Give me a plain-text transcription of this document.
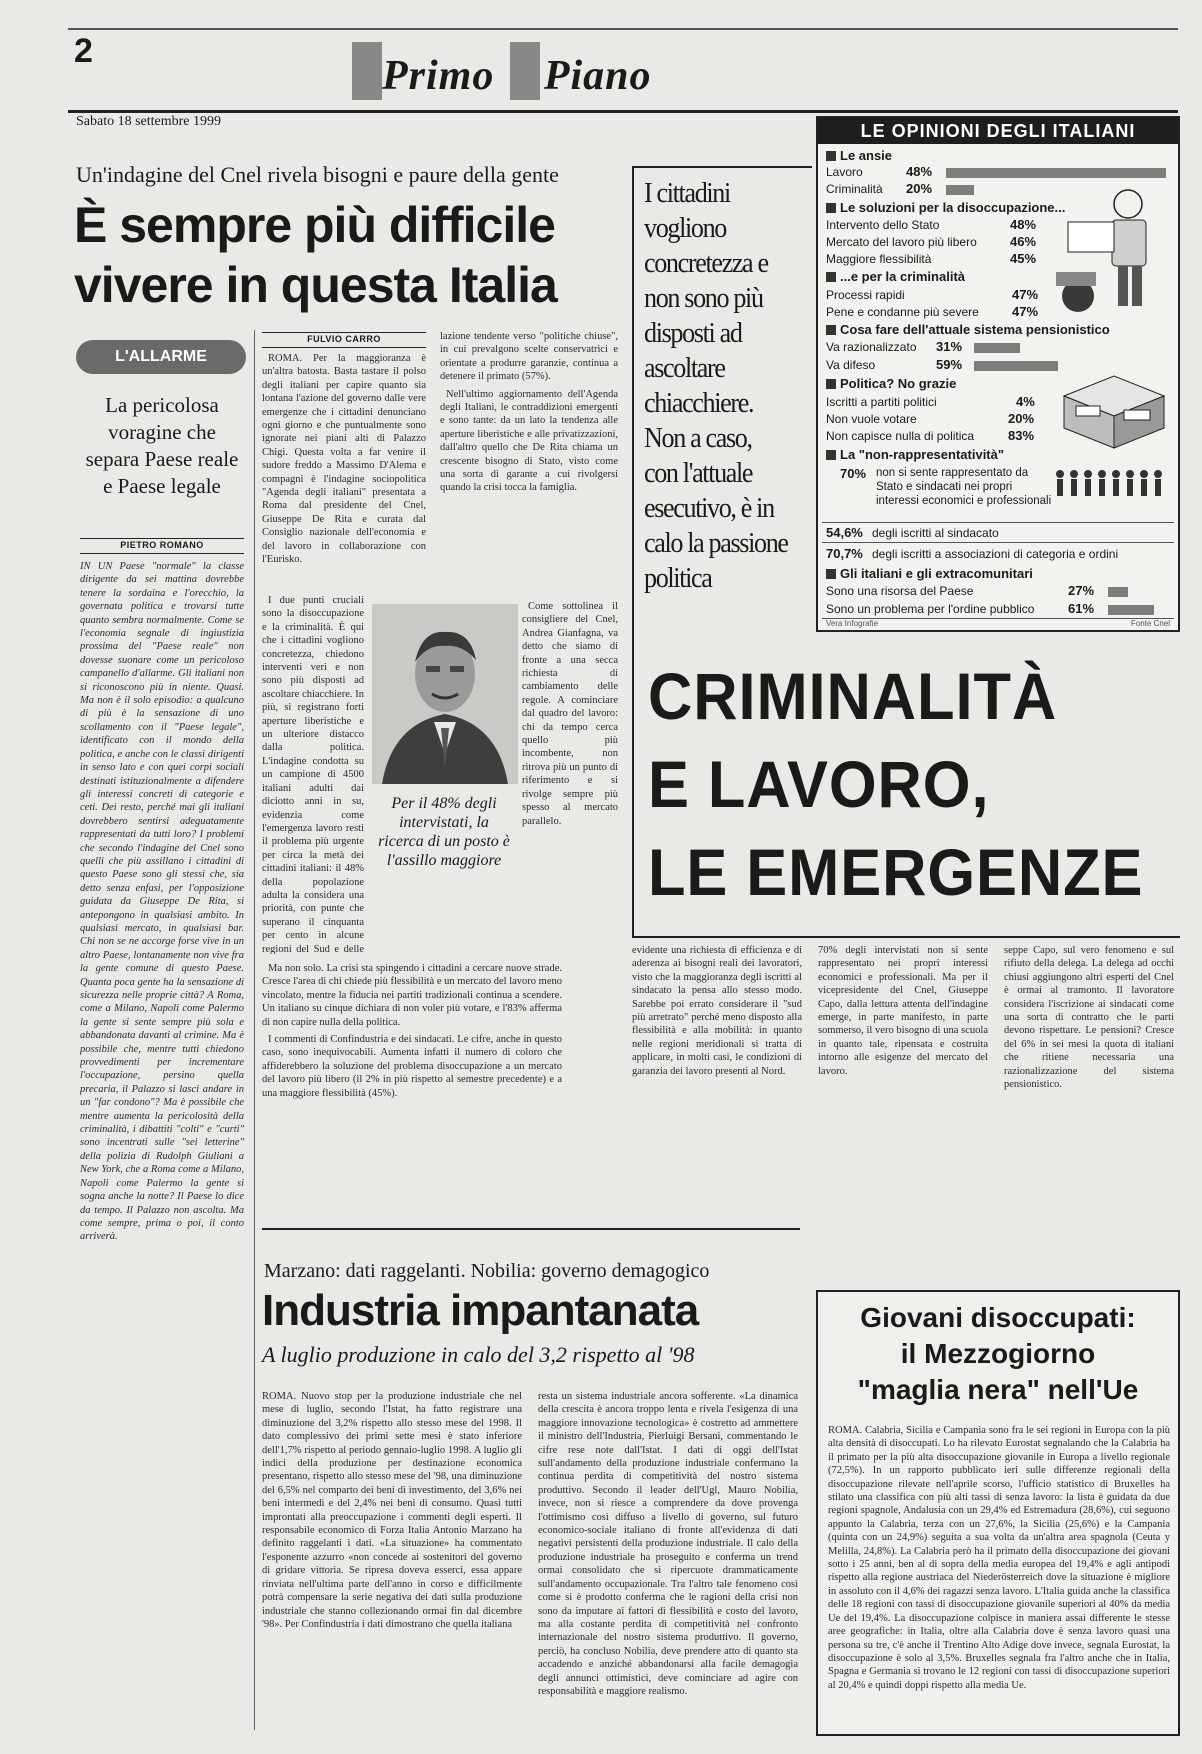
2
Primo Piano
Sabato 18 settembre 1999
Un'indagine del Cnel rivela bisogni e paure della gente
È sempre più difficile
vivere in questa Italia
I cittadini vogliono concretezza e non sono più disposti ad ascoltare chiacchiere. Non a caso, con l'attuale esecutivo, è in calo la passione politica
L'ALLARME
La pericolosa voragine che separa Paese reale e Paese legale
PIETRO ROMANO

IN UN Paese "normale" la classe dirigente da sei mattina dovrebbe tenere la sordaina e l'orecchio, la governata politica e trovarsi tutte quanto sembra normalmente. Come se l'economia segnale di ingiustizia prossima del "Paese reale" non dovesse suonare come un pericoloso campanello d'allarme. Gli italiani non si riconoscono più in niente. Quasi. Ma non è il solo episodio: a qualcuno di più è la sensazione di uno scollamento con il "Paese legale", identificato con il mondo della politica, e anche con le classi dirigenti in senso lato e con quei corpi sociali destinati istituzionalmente a difendere gli interessi concreti di categorie e ceti. Dei resto, perché mai gli italiani dovrebbero sentirsi adeguatamente rappresentati da tutti loro? I problemi che secondo l'indagine del Cnel sono quelli che più assillano i cittadini di questo Paese sono gli stessi che, sia detto senza enfasi, per l'opposizione guidata da Giuseppe De Rita, si antepongono in qualsiasi ambito. In qualsiasi mercato, in qualsiasi bar. Chi non se ne accorge forse vive in un altro Paese, lontanamente non vive fra la gente comune di questo Paese. Quanta poca gente ha la sensazione di sicurezza nelle proprie città? A Roma, come a Milano, Napoli come Palermo la gente si sente sempre più sola e abbandonata davanti al crimine. Ma è possibile che, mentre tutti chiedono provvedimenti per incrementare l'occupazione, persino quella precaria, il Palazzo si lasci andare in un "far condono"? Ma è possibile che mentre aumenta la pericolosità della criminalità, i dibattiti "colti" e "curti" sono incentrati sulle "sei letterine" della polizia di Rudolph Giuliani a New York, che a Roma come a Milano, Napoli come Palermo la gente si sogna anche la notte? Il Paese lo dice da tempo. Il Palazzo non ascolta. Ma come sempre, prima o poi, il conto arriverà.

FULVIO CARRO

ROMA. Per la maggioranza è un'altra batosta. Basta tastare il polso degli italiani per capire quanto sia lontana l'azione del governo dalle vere emergenze che i cittadini denunciano ogni giorno e che puntualmente sono ignorate nei piani alti di Palazzo Chigi. Questa volta a far venire il sudore freddo a Massimo D'Alema e compagni è l'indagine sociopolitica "Agenda degli italiani" presentata a Roma dal presidente del Cnel, Giuseppe De Rita e curata dal Consiglio nazionale dell'economia e del lavoro in collaborazione con l'Eurisko.

I due punti cruciali sono la disoccupazione e la criminalità. È qui che i cittadini vogliono concretezza, chiedono interventi veri e non sono più disposti ad ascoltare chiacchiere. In più, si registrano forti aperture liberistiche e un ulteriore distacco dalla politica. L'indagine condotta su un campione di 4500 italiani adulti dai diciotto anni in su, evidenzia come l'emergenza lavoro resti il problema più urgente per circa la metà dei cittadini italiani: il 48% della popolazione adulta la considera una priorità, con punte che superano il cinquanta per cento in alcune regioni del Sud e delle

Ma non solo. La crisi sta spingendo i cittadini a cercare nuove strade. Cresce l'area di chi chiede più flessibilità e un mercato del lavoro meno vincolato, mentre la fiducia nei partiti tradizionali continua a scendere. Un italiano su cinque dichiara di non voler più votare, e l'83% afferma di non capire nulla della politica.

I commenti di Confindustria e dei sindacati. Le cifre, anche in questo caso, sono inequivocabili. Aumenta infatti il numero di coloro che affiderebbero la soluzione del problema disoccupazione a un mercato del lavoro più libero (il 2% in più rispetto al semestre precedente) e a una maggiore flessibilità (45%).

lazione tendente verso "politiche chiuse", in cui prevalgono scelte conservatrici e orientate a produrre garanzie, continua a detenere il primato (57%).

Nell'ultimo aggiornamento dell'Agenda degli Italiani, le contraddizioni emergenti e sono tante: da un lato la tendenza alle aperture liberistiche e alle privatizzazioni, dall'altro quello che De Rita chiama un crescente bisogno di Stato, visto come una sorta di garante a cui rivolgersi quando la crisi tocca la famiglia.

Come sottolinea il consigliere del Cnel, Andrea Gianfagna, va detto che siamo di fronte a una secca richiesta di cambiamento delle regole. A cominciare dal quadro del lavoro: chi da tempo cerca quello più incombente, non ritrova più un punto di riferimento e si rivolge sempre più spesso al mercato parallelo.

Per il 48% degli intervistati, la ricerca di un posto è l'assillo maggiore
LE OPINIONI DEGLI ITALIANI
Le ansie
Lavoro	48%
Criminalità 20%
Le soluzioni per la disoccupazione...
Intervento dello Stato	48%
Mercato del lavoro più libero	46%
Maggiore flessibilità	45%
...e per la criminalità
Processi rapidi	47%
Pene e condanne più severe	47%
Cosa fare dell'attuale sistema pensionistico
Va razionalizzato 31%
Va difeso	59%
Politica? No grazie
Iscritti a partiti politici	4%
Non vuole votare	20%
Non capisce nulla di politica	83%
La "non-rappresentatività"
70% non si sente rappresentato da Stato e sindacati nei propri interessi economici e professionali
54,6% degli iscritti al sindacato
70,7% degli iscritti a associazioni di categoria e ordini
Gli italiani e gli extracomunitari
Sono una risorsa del Paese	27%
Sono un problema per l'ordine pubblico	61%
Vera Infografie	Fonte Cnel
CRIMINALITÀ
E LAVORO,
LE EMERGENZE

evidente una richiesta di efficienza e di aderenza ai bisogni reali dei lavoratori, visto che la maggioranza degli iscritti al sindacato la pensa allo stesso modo. Sarebbe poi errato considerare il "sud più arretrato" perché meno disposto alla flessibilità e alla mobilità: in quanto nelle regioni meridionali si tratta di applicare, in molti casi, le condizioni di garanzia dei lavoro presenti al Nord.

70% degli intervistati non si sente rappresentato nei propri interessi economici e professionali. Ma per il vicepresidente del Cnel, Giuseppe Capo, dalla lettura attenta dell'indagine emerge, in parte manifesto, in parte sommerso, il vero bisogno di una scuola in quanto tale, ripensata e costruita intorno alle esigenze del mercato del lavoro.

seppe Capo, sul vero fenomeno e sul rifiuto della delega. La delega ad occhi chiusi aggiungono altri esperti del Cnel è ormai al tramonto. Il lavoratore considera l'iscrizione ai sindacati come una sorta di contratto che le parti devono rispettare. Le pensioni? Cresce del 6% in sei mesi la quota di italiani che ritiene necessaria una razionalizzazione del sistema pensionistico.

Marzano: dati raggelanti. Nobilia: governo demagogico
Industria impantanata
A luglio produzione in calo del 3,2 rispetto al '98

ROMA. Nuovo stop per la produzione industriale che nel mese di luglio, secondo l'Istat, ha fatto registrare una diminuzione del 3,2% rispetto allo stesso mese del 1998. Il dato complessivo dei primi sette mesi è stato inferiore dell'1,7% rispetto al periodo gennaio-luglio 1998. A luglio gli indici della produzione per destinazione economica presentano, rispetto allo stesso mese del '98, una diminuzione del 6,5% nel comparto dei beni di investimento, del 3,6% nei beni intermedi e del 2,4% nei beni di consumo. Quasi tutti improntati alla preoccupazione i commenti degli esperti. Il responsabile economico di Forza Italia Antonio Marzano ha definito raggelanti i dati. «La situazione» ha commentato l'esponente azzurro «non concede ai sostenitori del governo di gridare vittoria. Se ripresa doveva esserci, essa appare rinviata nell'ultima parte dell'anno in corso e difficilmente potrà compensare la serie negativa dei dati sulla produzione industriale che stanno collezionando ormai fin dal dicembre '98». Per Confindustria i dati dimostrano che quella italiana

resta un sistema industriale ancora sofferente. «La dinamica della crescita è ancora troppo lenta e rivela l'esigenza di una maggiore innovazione tecnologica» è costretto ad ammettere il ministro dell'Industria, Pierluigi Bersani, commentando le cifre rese note dall'Istat. I dati di oggi dell'Istat sull'andamento della produzione industriale confermano la continua perdita di competitività del nostro sistema produttivo. Secondo il leader dell'Ugl, Mauro Nobilia, invece, non si riesce a comprendere da dove provenga l'ottimismo così diffuso a livello di governo, sul futuro economico-sociale italiano di fronte all'evidenza di dati negativi persistenti della produzione industriale. Il calo della produzione industriale ha proseguito e conferma un trend ormai consolidato che si ripercuote drammaticamente sull'andamento occupazionale. Tra l'altro tale fenomeno così come si è prodotto conferma che le ragioni della crisi non sono da imputare ai fattori di flessibilità e costo del lavoro, ma alla costante perdita di competitività nel confronto internazionale del nostro sistema produttivo. Il governo, perciò, ha concluso Nobilia, deve prendere atto di quanto sta accadendo e anziché abbandonarsi alla facile demagogia degli annunci ottimistici, deve cominciare ad agire con responsabilità e maggiore realismo.

Giovani disoccupati:
il Mezzogiorno
"maglia nera" nell'Ue

ROMA. Calabria, Sicilia e Campania sono fra le sei regioni in Europa con la più alta densità di disoccupati. Lo ha rilevato Eurostat segnalando che la Calabria ha il primato per la più alta disoccupazione giovanile in Europa a livello regionale (72,5%). In un rapporto pubblicato ieri sulle differenze regionali della disoccupazione rilevate nell'aprile scorso, l'ufficio statistico di Bruxelles ha stilato una classifica con più alti tassi di senza lavoro: la lista è guidata da due regioni spagnole, Andalusia con un 29,4% ed Estremadura (28,6%), cui seguono appunto la Calabria, terza con un 27,6%, la Sicilia (25,6%) e la Campania (quinta con un 24,9%) seguita a sua volta da un'altra area spagnola (Ceuta y Melilla, 24,8%). La Calabria però ha il primato della disoccupazione dei giovani sotto i 25 anni, ben al di sopra della media europea del 19,4% e agli antipodi rispetto alla regione austriaca del Niederösterreich dove la situazione è migliore in assoluto con il 4,6% dei ragazzi senza lavoro. L'Italia guida anche la classifica delle 18 regioni con tassi di disoccupazione giovanile superiori al 40% da media Ue del 19,4%. La disoccupazione colpisce in maniera assai differente le stesse aree geografiche: in Italia, oltre alla Calabria dove è senza lavoro quasi una persona su tre, c'è anche il Trentino Alto Adige dove invece, segnala Eurostat, la disoccupazione è solo al 3,5%. Bruxelles segnala fra l'altro anche che in Italia, Spagna e Germania si trovano le 12 regioni con tassi di disoccupazione superiori al 20,4% e quindi doppi rispetto alla media Ue.
